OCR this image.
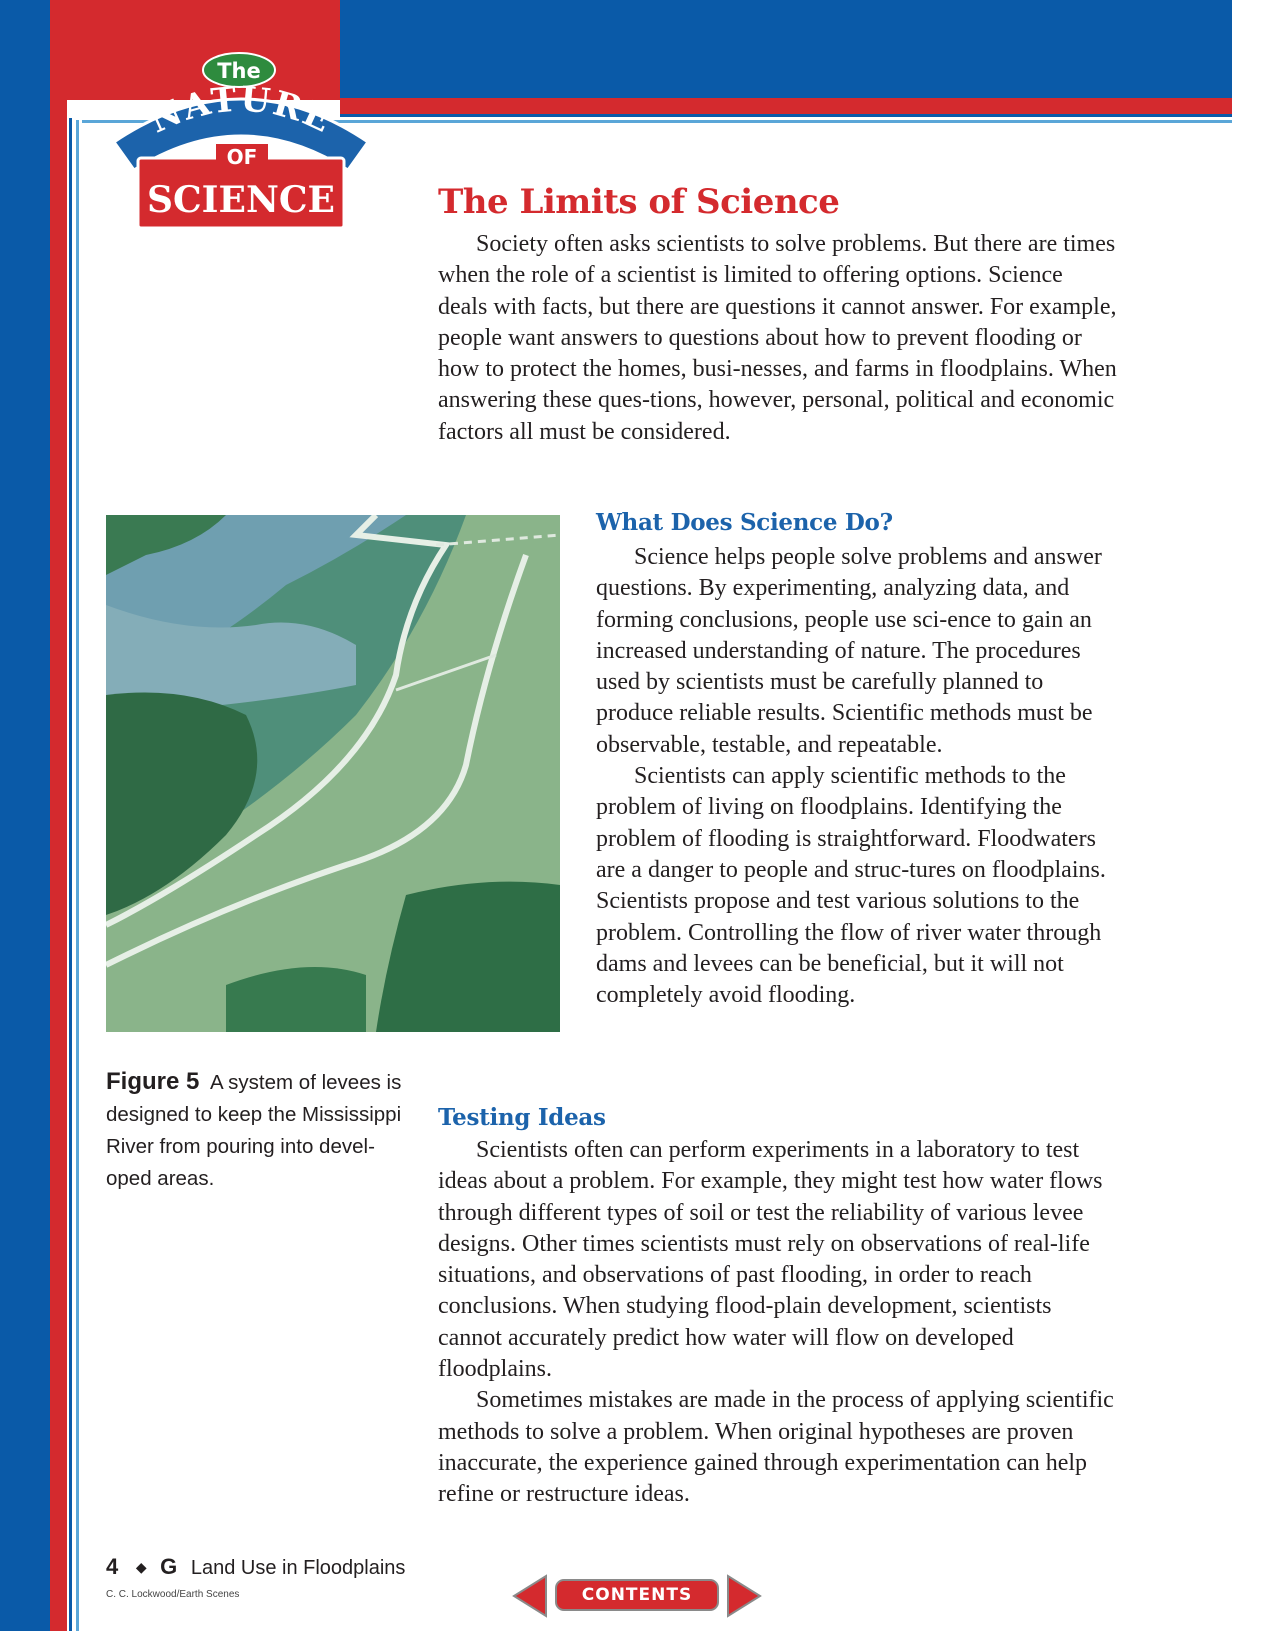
The
NATURE
OF
SCIENCE	The Limits of Science

Society often asks scientists to solve problems. But there are times when the role of a scientist is limited to offering options. Science deals with facts, but there are questions it cannot answer. For example, people want answers to questions about how to prevent flooding or how to protect the homes, busi-nesses, and farms in floodplains. When answering these ques-tions, however, personal, political and economic factors all must be considered.

Figure 5 A system of levees is designed to keep the Mississippi River from pouring into devel-oped areas.
What Does Science Do?

Science helps people solve problems and answer questions. By experimenting, analyzing data, and forming conclusions, people use sci-ence to gain an increased understanding of nature. The procedures used by scientists must be carefully planned to produce reliable results. Scientific methods must be observable, testable, and repeatable.

Scientists can apply scientific methods to the problem of living on floodplains. Identifying the problem of flooding is straightforward. Floodwaters are a danger to people and struc-tures on floodplains. Scientists propose and test various solutions to the problem. Controlling the flow of river water through dams and levees can be beneficial, but it will not completely avoid flooding.

Testing Ideas

Scientists often can perform experiments in a laboratory to test ideas about a problem. For example, they might test how water flows through different types of soil or test the reliability of various levee designs. Other times scientists must rely on observations of real-life situations, and observations of past flooding, in order to reach conclusions. When studying flood-plain development, scientists cannot accurately predict how water will flow on developed floodplains.

Sometimes mistakes are made in the process of applying scientific methods to solve a problem. When original hypotheses are proven inaccurate, the experience gained through experimentation can help refine or restructure ideas.

4 ◆ G Land Use in Floodplains
C. C. Lockwood/Earth Scenes	CONTENTS
